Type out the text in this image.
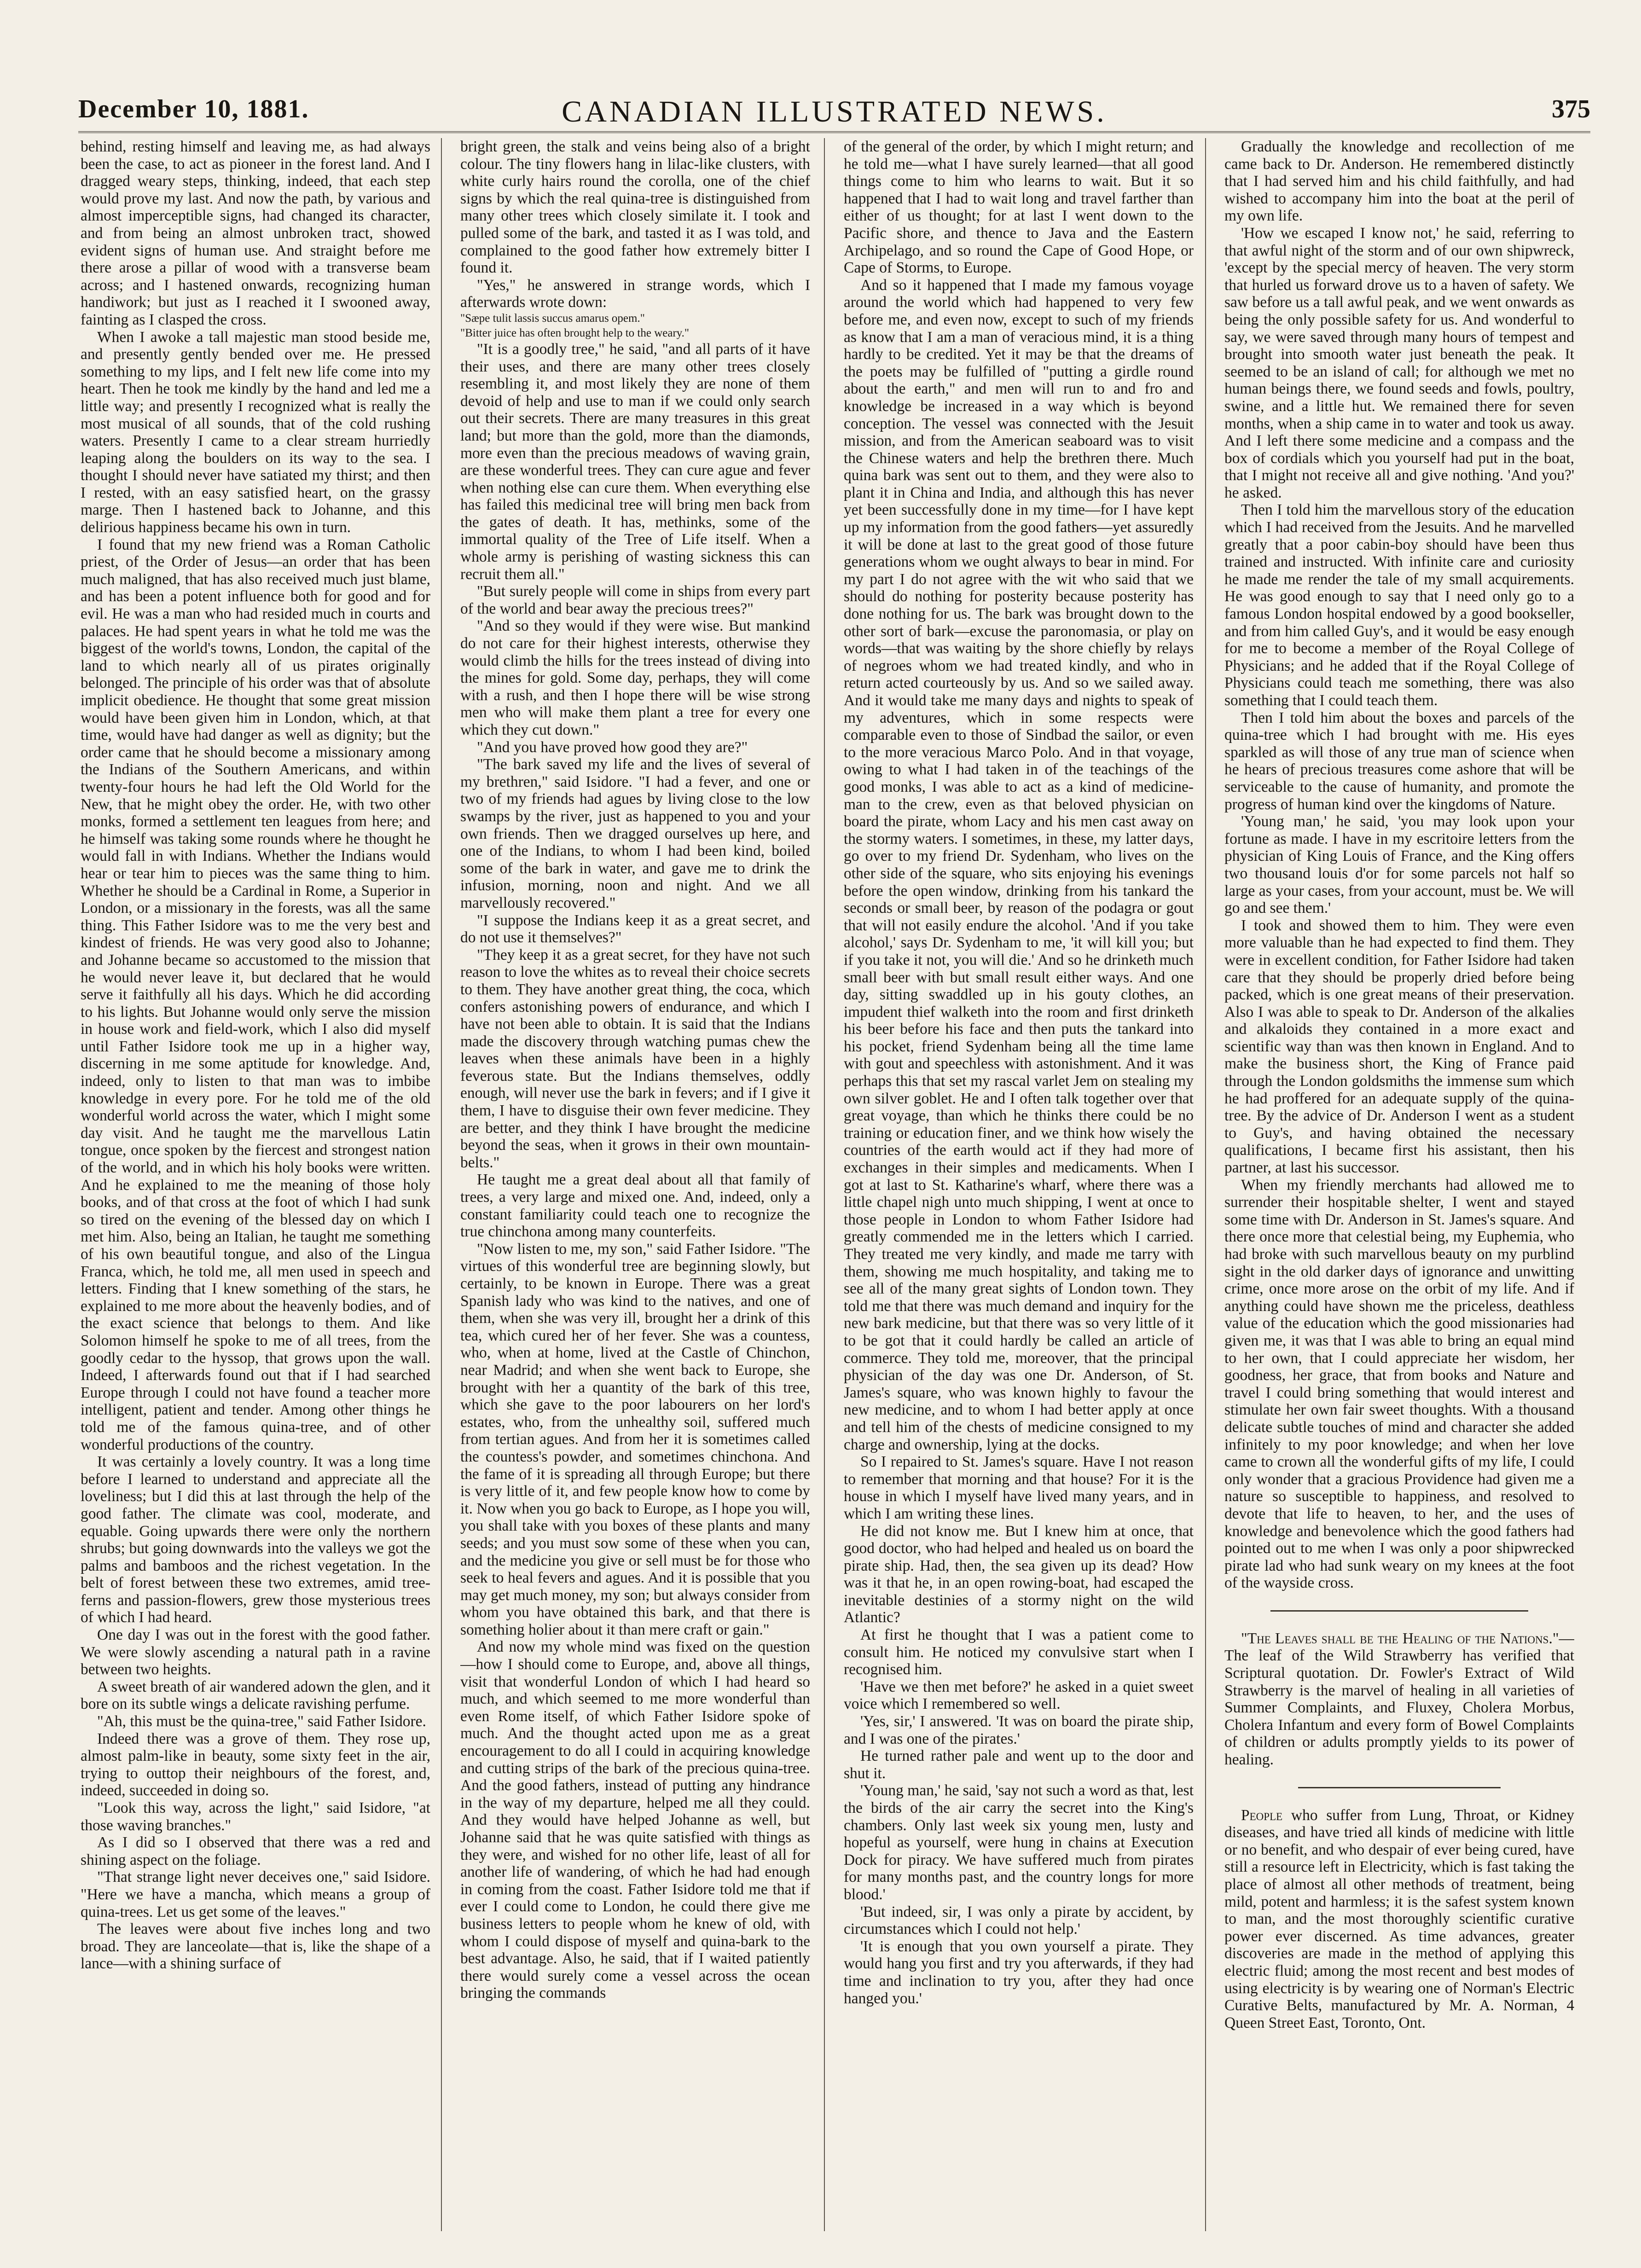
December 10, 1881.	CANADIAN ILLUSTRATED NEWS.	375

behind, resting himself and leaving me, as had always been the case, to act as pioneer in the forest land. And I dragged weary steps, thinking, indeed, that each step would prove my last. And now the path, by various and almost imperceptible signs, had changed its character, and from being an almost unbroken tract, showed evident signs of human use. And straight before me there arose a pillar of wood with a transverse beam across; and I hastened onwards, recognizing human handiwork; but just as I reached it I swooned away, fainting as I clasped the cross.

When I awoke a tall majestic man stood beside me, and presently gently bended over me. He pressed something to my lips, and I felt new life come into my heart. Then he took me kindly by the hand and led me a little way; and presently I recognized what is really the most musical of all sounds, that of the cold rushing waters. Presently I came to a clear stream hurriedly leaping along the boulders on its way to the sea. I thought I should never have satiated my thirst; and then I rested, with an easy satisfied heart, on the grassy marge. Then I hastened back to Johanne, and this delirious happiness became his own in turn.

I found that my new friend was a Roman Catholic priest, of the Order of Jesus—an order that has been much maligned, that has also received much just blame, and has been a potent influence both for good and for evil. He was a man who had resided much in courts and palaces. He had spent years in what he told me was the biggest of the world's towns, London, the capital of the land to which nearly all of us pirates originally belonged. The principle of his order was that of absolute implicit obedience. He thought that some great mission would have been given him in London, which, at that time, would have had danger as well as dignity; but the order came that he should become a missionary among the Indians of the Southern Americans, and within twenty-four hours he had left the Old World for the New, that he might obey the order. He, with two other monks, formed a settlement ten leagues from here; and he himself was taking some rounds where he thought he would fall in with Indians. Whether the Indians would hear or tear him to pieces was the same thing to him. Whether he should be a Cardinal in Rome, a Superior in London, or a missionary in the forests, was all the same thing. This Father Isidore was to me the very best and kindest of friends. He was very good also to Johanne; and Johanne became so accustomed to the mission that he would never leave it, but declared that he would serve it faithfully all his days. Which he did according to his lights. But Johanne would only serve the mission in house work and field-work, which I also did myself until Father Isidore took me up in a higher way, discerning in me some aptitude for knowledge. And, indeed, only to listen to that man was to imbibe knowledge in every pore. For he told me of the old wonderful world across the water, which I might some day visit. And he taught me the marvellous Latin tongue, once spoken by the fiercest and strongest nation of the world, and in which his holy books were written. And he explained to me the meaning of those holy books, and of that cross at the foot of which I had sunk so tired on the evening of the blessed day on which I met him. Also, being an Italian, he taught me something of his own beautiful tongue, and also of the Lingua Franca, which, he told me, all men used in speech and letters. Finding that I knew something of the stars, he explained to me more about the heavenly bodies, and of the exact science that belongs to them. And like Solomon himself he spoke to me of all trees, from the goodly cedar to the hyssop, that grows upon the wall. Indeed, I afterwards found out that if I had searched Europe through I could not have found a teacher more intelligent, patient and tender. Among other things he told me of the famous quina-tree, and of other wonderful productions of the country.

It was certainly a lovely country. It was a long time before I learned to understand and appreciate all the loveliness; but I did this at last through the help of the good father. The climate was cool, moderate, and equable. Going upwards there were only the northern shrubs; but going downwards into the valleys we got the palms and bamboos and the richest vegetation. In the belt of forest between these two extremes, amid tree-ferns and passion-flowers, grew those mysterious trees of which I had heard.

One day I was out in the forest with the good father. We were slowly ascending a natural path in a ravine between two heights.

A sweet breath of air wandered adown the glen, and it bore on its subtle wings a delicate ravishing perfume.

"Ah, this must be the quina-tree," said Father Isidore.

Indeed there was a grove of them. They rose up, almost palm-like in beauty, some sixty feet in the air, trying to outtop their neighbours of the forest, and, indeed, succeeded in doing so.

"Look this way, across the light," said Isidore, "at those waving branches."

As I did so I observed that there was a red and shining aspect on the foliage.

"That strange light never deceives one," said Isidore. "Here we have a mancha, which means a group of quina-trees. Let us get some of the leaves."

The leaves were about five inches long and two broad. They are lanceolate—that is, like the shape of a lance—with a shining surface of

bright green, the stalk and veins being also of a bright colour. The tiny flowers hang in lilac-like clusters, with white curly hairs round the corolla, one of the chief signs by which the real quina-tree is distinguished from many other trees which closely similate it. I took and pulled some of the bark, and tasted it as I was told, and complained to the good father how extremely bitter I found it.

"Yes," he answered in strange words, which I afterwards wrote down:

"Sæpe tulit lassis succus amarus opem."
"Bitter juice has often brought help to the weary."

"It is a goodly tree," he said, "and all parts of it have their uses, and there are many other trees closely resembling it, and most likely they are none of them devoid of help and use to man if we could only search out their secrets. There are many treasures in this great land; but more than the gold, more than the diamonds, more even than the precious meadows of waving grain, are these wonderful trees. They can cure ague and fever when nothing else can cure them. When everything else has failed this medicinal tree will bring men back from the gates of death. It has, methinks, some of the immortal quality of the Tree of Life itself. When a whole army is perishing of wasting sickness this can recruit them all."

"But surely people will come in ships from every part of the world and bear away the precious trees?"

"And so they would if they were wise. But mankind do not care for their highest interests, otherwise they would climb the hills for the trees instead of diving into the mines for gold. Some day, perhaps, they will come with a rush, and then I hope there will be wise strong men who will make them plant a tree for every one which they cut down."

"And you have proved how good they are?"

"The bark saved my life and the lives of several of my brethren," said Isidore. "I had a fever, and one or two of my friends had agues by living close to the low swamps by the river, just as happened to you and your own friends. Then we dragged ourselves up here, and one of the Indians, to whom I had been kind, boiled some of the bark in water, and gave me to drink the infusion, morning, noon and night. And we all marvellously recovered."

"I suppose the Indians keep it as a great secret, and do not use it themselves?"

"They keep it as a great secret, for they have not such reason to love the whites as to reveal their choice secrets to them. They have another great thing, the coca, which confers astonishing powers of endurance, and which I have not been able to obtain. It is said that the Indians made the discovery through watching pumas chew the leaves when these animals have been in a highly feverous state. But the Indians themselves, oddly enough, will never use the bark in fevers; and if I give it them, I have to disguise their own fever medicine. They are better, and they think I have brought the medicine beyond the seas, when it grows in their own mountain-belts."

He taught me a great deal about all that family of trees, a very large and mixed one. And, indeed, only a constant familiarity could teach one to recognize the true chinchona among many counterfeits.

"Now listen to me, my son," said Father Isidore. "The virtues of this wonderful tree are beginning slowly, but certainly, to be known in Europe. There was a great Spanish lady who was kind to the natives, and one of them, when she was very ill, brought her a drink of this tea, which cured her of her fever. She was a countess, who, when at home, lived at the Castle of Chinchon, near Madrid; and when she went back to Europe, she brought with her a quantity of the bark of this tree, which she gave to the poor labourers on her lord's estates, who, from the unhealthy soil, suffered much from tertian agues. And from her it is sometimes called the countess's powder, and sometimes chinchona. And the fame of it is spreading all through Europe; but there is very little of it, and few people know how to come by it. Now when you go back to Europe, as I hope you will, you shall take with you boxes of these plants and many seeds; and you must sow some of these when you can, and the medicine you give or sell must be for those who seek to heal fevers and agues. And it is possible that you may get much money, my son; but always consider from whom you have obtained this bark, and that there is something holier about it than mere craft or gain."

And now my whole mind was fixed on the question—how I should come to Europe, and, above all things, visit that wonderful London of which I had heard so much, and which seemed to me more wonderful than even Rome itself, of which Father Isidore spoke of much. And the thought acted upon me as a great encouragement to do all I could in acquiring knowledge and cutting strips of the bark of the precious quina-tree. And the good fathers, instead of putting any hindrance in the way of my departure, helped me all they could. And they would have helped Johanne as well, but Johanne said that he was quite satisfied with things as they were, and wished for no other life, least of all for another life of wandering, of which he had had enough in coming from the coast. Father Isidore told me that if ever I could come to London, he could there give me business letters to people whom he knew of old, with whom I could dispose of myself and quina-bark to the best advantage. Also, he said, that if I waited patiently there would surely come a vessel across the ocean bringing the commands

of the general of the order, by which I might return; and he told me—what I have surely learned—that all good things come to him who learns to wait. But it so happened that I had to wait long and travel farther than either of us thought; for at last I went down to the Pacific shore, and thence to Java and the Eastern Archipelago, and so round the Cape of Good Hope, or Cape of Storms, to Europe.

And so it happened that I made my famous voyage around the world which had happened to very few before me, and even now, except to such of my friends as know that I am a man of veracious mind, it is a thing hardly to be credited. Yet it may be that the dreams of the poets may be fulfilled of "putting a girdle round about the earth," and men will run to and fro and knowledge be increased in a way which is beyond conception. The vessel was connected with the Jesuit mission, and from the American seaboard was to visit the Chinese waters and help the brethren there. Much quina bark was sent out to them, and they were also to plant it in China and India, and although this has never yet been successfully done in my time—for I have kept up my information from the good fathers—yet assuredly it will be done at last to the great good of those future generations whom we ought always to bear in mind. For my part I do not agree with the wit who said that we should do nothing for posterity because posterity has done nothing for us. The bark was brought down to the other sort of bark—excuse the paronomasia, or play on words—that was waiting by the shore chiefly by relays of negroes whom we had treated kindly, and who in return acted courteously by us. And so we sailed away. And it would take me many days and nights to speak of my adventures, which in some respects were comparable even to those of Sindbad the sailor, or even to the more veracious Marco Polo. And in that voyage, owing to what I had taken in of the teachings of the good monks, I was able to act as a kind of medicine-man to the crew, even as that beloved physician on board the pirate, whom Lacy and his men cast away on the stormy waters. I sometimes, in these, my latter days, go over to my friend Dr. Sydenham, who lives on the other side of the square, who sits enjoying his evenings before the open window, drinking from his tankard the seconds or small beer, by reason of the podagra or gout that will not easily endure the alcohol. 'And if you take alcohol,' says Dr. Sydenham to me, 'it will kill you; but if you take it not, you will die.' And so he drinketh much small beer with but small result either ways. And one day, sitting swaddled up in his gouty clothes, an impudent thief walketh into the room and first drinketh his beer before his face and then puts the tankard into his pocket, friend Sydenham being all the time lame with gout and speechless with astonishment. And it was perhaps this that set my rascal varlet Jem on stealing my own silver goblet. He and I often talk together over that great voyage, than which he thinks there could be no training or education finer, and we think how wisely the countries of the earth would act if they had more of exchanges in their simples and medicaments. When I got at last to St. Katharine's wharf, where there was a little chapel nigh unto much shipping, I went at once to those people in London to whom Father Isidore had greatly commended me in the letters which I carried. They treated me very kindly, and made me tarry with them, showing me much hospitality, and taking me to see all of the many great sights of London town. They told me that there was much demand and inquiry for the new bark medicine, but that there was so very little of it to be got that it could hardly be called an article of commerce. They told me, moreover, that the principal physician of the day was one Dr. Anderson, of St. James's square, who was known highly to favour the new medicine, and to whom I had better apply at once and tell him of the chests of medicine consigned to my charge and ownership, lying at the docks.

So I repaired to St. James's square. Have I not reason to remember that morning and that house? For it is the house in which I myself have lived many years, and in which I am writing these lines.

He did not know me. But I knew him at once, that good doctor, who had helped and healed us on board the pirate ship. Had, then, the sea given up its dead? How was it that he, in an open rowing-boat, had escaped the inevitable destinies of a stormy night on the wild Atlantic?

At first he thought that I was a patient come to consult him. He noticed my convulsive start when I recognised him.

'Have we then met before?' he asked in a quiet sweet voice which I remembered so well.

'Yes, sir,' I answered. 'It was on board the pirate ship, and I was one of the pirates.'

He turned rather pale and went up to the door and shut it.

'Young man,' he said, 'say not such a word as that, lest the birds of the air carry the secret into the King's chambers. Only last week six young men, lusty and hopeful as yourself, were hung in chains at Execution Dock for piracy. We have suffered much from pirates for many months past, and the country longs for more blood.'

'But indeed, sir, I was only a pirate by accident, by circumstances which I could not help.'

'It is enough that you own yourself a pirate. They would hang you first and try you afterwards, if they had time and inclination to try you, after they had once hanged you.'

Gradually the knowledge and recollection of me came back to Dr. Anderson. He remembered distinctly that I had served him and his child faithfully, and had wished to accompany him into the boat at the peril of my own life.

'How we escaped I know not,' he said, referring to that awful night of the storm and of our own shipwreck, 'except by the special mercy of heaven. The very storm that hurled us forward drove us to a haven of safety. We saw before us a tall awful peak, and we went onwards as being the only possible safety for us. And wonderful to say, we were saved through many hours of tempest and brought into smooth water just beneath the peak. It seemed to be an island of call; for although we met no human beings there, we found seeds and fowls, poultry, swine, and a little hut. We remained there for seven months, when a ship came in to water and took us away. And I left there some medicine and a compass and the box of cordials which you yourself had put in the boat, that I might not receive all and give nothing. 'And you?' he asked.

Then I told him the marvellous story of the education which I had received from the Jesuits. And he marvelled greatly that a poor cabin-boy should have been thus trained and instructed. With infinite care and curiosity he made me render the tale of my small acquirements. He was good enough to say that I need only go to a famous London hospital endowed by a good bookseller, and from him called Guy's, and it would be easy enough for me to become a member of the Royal College of Physicians; and he added that if the Royal College of Physicians could teach me something, there was also something that I could teach them.

Then I told him about the boxes and parcels of the quina-tree which I had brought with me. His eyes sparkled as will those of any true man of science when he hears of precious treasures come ashore that will be serviceable to the cause of humanity, and promote the progress of human kind over the kingdoms of Nature.

'Young man,' he said, 'you may look upon your fortune as made. I have in my escritoire letters from the physician of King Louis of France, and the King offers two thousand louis d'or for some parcels not half so large as your cases, from your account, must be. We will go and see them.'

I took and showed them to him. They were even more valuable than he had expected to find them. They were in excellent condition, for Father Isidore had taken care that they should be properly dried before being packed, which is one great means of their preservation. Also I was able to speak to Dr. Anderson of the alkalies and alkaloids they contained in a more exact and scientific way than was then known in England. And to make the business short, the King of France paid through the London goldsmiths the immense sum which he had proffered for an adequate supply of the quina-tree. By the advice of Dr. Anderson I went as a student to Guy's, and having obtained the necessary qualifications, I became first his assistant, then his partner, at last his successor.

When my friendly merchants had allowed me to surrender their hospitable shelter, I went and stayed some time with Dr. Anderson in St. James's square. And there once more that celestial being, my Euphemia, who had broke with such marvellous beauty on my purblind sight in the old darker days of ignorance and unwitting crime, once more arose on the orbit of my life. And if anything could have shown me the priceless, deathless value of the education which the good missionaries had given me, it was that I was able to bring an equal mind to her own, that I could appreciate her wisdom, her goodness, her grace, that from books and Nature and travel I could bring something that would interest and stimulate her own fair sweet thoughts. With a thousand delicate subtle touches of mind and character she added infinitely to my poor knowledge; and when her love came to crown all the wonderful gifts of my life, I could only wonder that a gracious Providence had given me a nature so susceptible to happiness, and resolved to devote that life to heaven, to her, and the uses of knowledge and benevolence which the good fathers had pointed out to me when I was only a poor shipwrecked pirate lad who had sunk weary on my knees at the foot of the wayside cross.

"The Leaves shall be the Healing of the Nations."—The leaf of the Wild Strawberry has verified that Scriptural quotation. Dr. Fowler's Extract of Wild Strawberry is the marvel of healing in all varieties of Summer Complaints, and Fluxey, Cholera Morbus, Cholera Infantum and every form of Bowel Complaints of children or adults promptly yields to its power of healing.

People who suffer from Lung, Throat, or Kidney diseases, and have tried all kinds of medicine with little or no benefit, and who despair of ever being cured, have still a resource left in Electricity, which is fast taking the place of almost all other methods of treatment, being mild, potent and harmless; it is the safest system known to man, and the most thoroughly scientific curative power ever discerned. As time advances, greater discoveries are made in the method of applying this electric fluid; among the most recent and best modes of using electricity is by wearing one of Norman's Electric Curative Belts, manufactured by Mr. A. Norman, 4 Queen Street East, Toronto, Ont.
